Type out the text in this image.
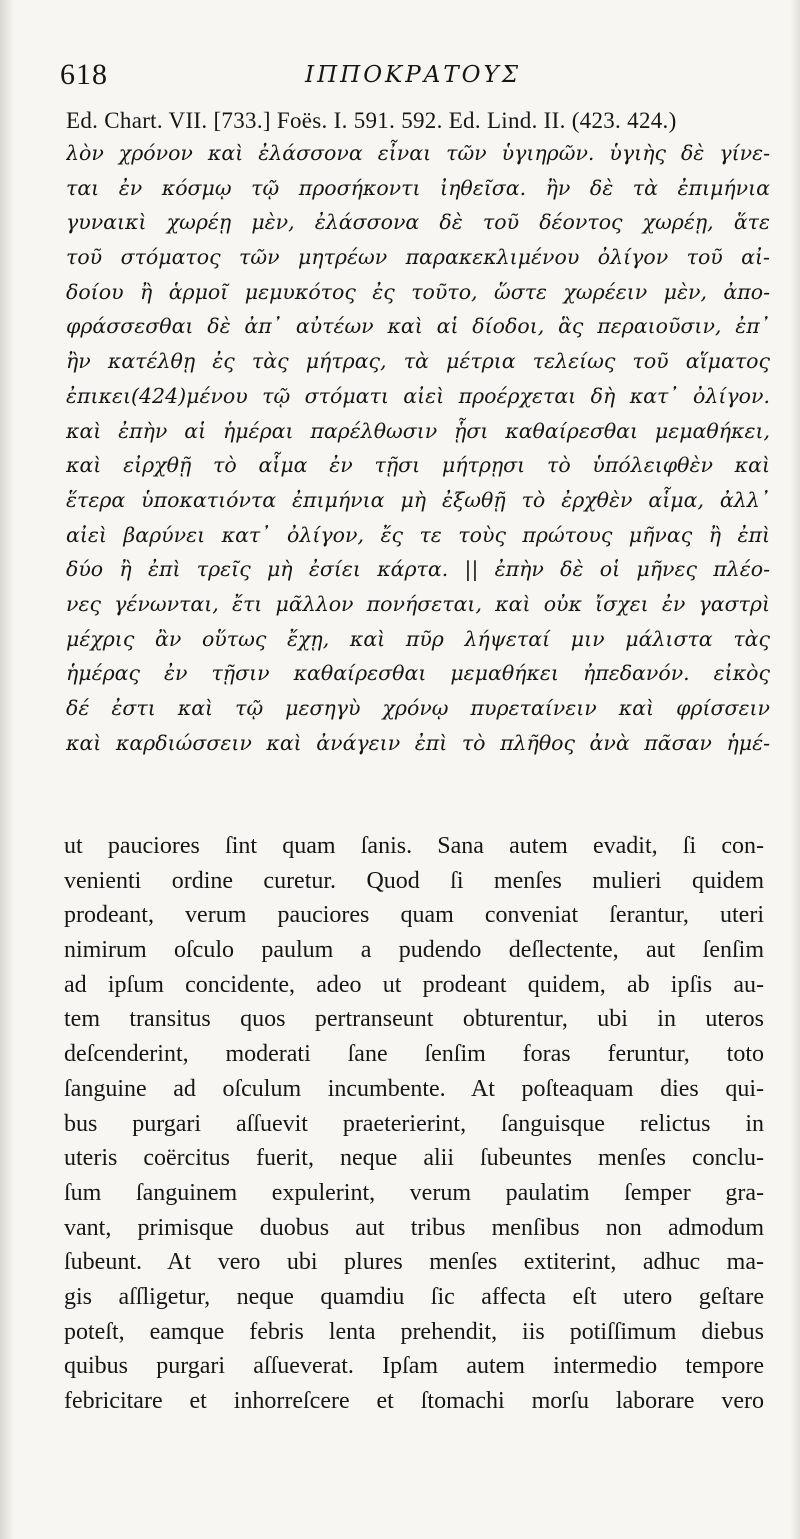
618	ΙΠΠΟΚΡΑΤΟΥΣ
Ed. Chart. VII. [733.] Foës. I. 591. 592. Ed. Lind. II. (423. 424.)
λὸν χρόνον καὶ ἐλάσσονα εἶναι τῶν ὑγιηρῶν. ὑγιὴς δὲ γίνε-
ται ἐν κόσμῳ τῷ προσήκοντι ἰηθεῖσα. ἢν δὲ τὰ ἐπιμήνια
γυναικὶ χωρέῃ μὲν, ἐλάσσονα δὲ τοῦ δέοντος χωρέῃ, ἅτε
τοῦ στόματος τῶν μητρέων παρακεκλιμένου ὀλίγον τοῦ αἰ-
δοίου ἢ ἁρμοῖ μεμυκότος ἐς τοῦτο, ὥστε χωρέειν μὲν, ἀπο-
φράσσεσθαι δὲ ἀπ᾽ αὐτέων καὶ αἱ δίοδοι, ἃς περαιοῦσιν, ἐπ᾽
ἢν κατέλθῃ ἐς τὰς μήτρας, τὰ μέτρια τελείως τοῦ αἵματος
ἐπικει(424)μένου τῷ στόματι αἰεὶ προέρχεται δὴ κατ᾽ ὀλίγον.
καὶ ἐπὴν αἱ ἡμέραι παρέλθωσιν ᾗσι καθαίρεσθαι μεμαθήκει,
καὶ εἰρχθῇ τὸ αἷμα ἐν τῇσι μήτρῃσι τὸ ὑπόλειφθὲν καὶ
ἕτερα ὑποκατιόντα ἐπιμήνια μὴ ἐξωθῇ τὸ ἐρχθὲν αἷμα, ἀλλ᾽
αἰεὶ βαρύνει κατ᾽ ὀλίγον, ἔς τε τοὺς πρώτους μῆνας ἢ ἐπὶ
δύο ἢ ἐπὶ τρεῖς μὴ ἐσίει κάρτα. || ἐπὴν δὲ οἱ μῆνες πλέο-
νες γένωνται, ἔτι μᾶλλον πονήσεται, καὶ οὐκ ἴσχει ἐν γαστρὶ
μέχρις ἂν οὕτως ἔχῃ, καὶ πῦρ λήψεταί μιν μάλιστα τὰς
ἡμέρας ἐν τῇσιν καθαίρεσθαι μεμαθήκει ἠπεδανόν. εἰκὸς
δέ ἐστι καὶ τῷ μεσηγὺ χρόνῳ πυρεταίνειν καὶ φρίσσειν
καὶ καρδιώσσειν καὶ ἀνάγειν ἐπὶ τὸ πλῆθος ἀνὰ πᾶσαν ἡμέ-
ut pauciores ſint quam ſanis. Sana autem evadit, ſi con-
venienti ordine curetur. Quod ſi menſes mulieri quidem
prodeant, verum pauciores quam conveniat ſerantur, uteri
nimirum oſculo paulum a pudendo deſlectente, aut ſenſim
ad ipſum concidente, adeo ut prodeant quidem, ab ipſis au-
tem transitus quos pertranseunt obturentur, ubi in uteros
deſcenderint, moderati ſane ſenſim foras feruntur, toto
ſanguine ad oſculum incumbente. At poſteaquam dies qui-
bus purgari aſſuevit praeterierint, ſanguisque relictus in
uteris coërcitus fuerit, neque alii ſubeuntes menſes conclu-
ſum ſanguinem expulerint, verum paulatim ſemper gra-
vant, primisque duobus aut tribus menſibus non admodum
ſubeunt. At vero ubi plures menſes extiterint, adhuc ma-
gis aſſligetur, neque quamdiu ſic affecta eſt utero geſtare
poteſt, eamque febris lenta prehendit, iis potiſſimum diebus
quibus purgari aſſueverat. Ipſam autem intermedio tempore
febricitare et inhorreſcere et ſtomachi morſu laborare vero
